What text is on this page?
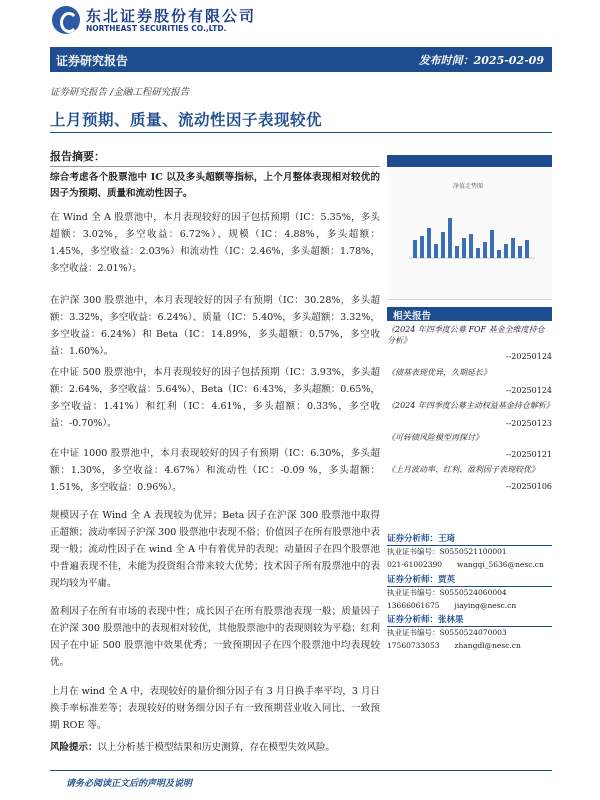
东北证券股份有限公司
NORTHEAST SECURITIES CO.,LTD.
证券研究报告	发布时间：2025-02-09
证券研究报告 /金融工程研究报告
上月预期、质量、流动性因子表现较优
报告摘要：
综合考虑各个股票池中 IC 以及多头超额等指标，上个月整体表现相对较优的因子为预期、质量和流动性因子。
在 Wind 全 A 股票池中，本月表现较好的因子包括预期（IC：5.35%，多头超额：3.02%，多空收益：6.72%）、规模（IC：4.88%，多头超额：1.45%，多空收益：2.03%）和流动性（IC：2.46%，多头超额：1.78%，多空收益：2.01%）。
在沪深 300 股票池中，本月表现较好的因子有预期（IC：30.28%，多头超额：3.32%，多空收益：6.24%）、质量（IC：5.40%，多头超额：3.32%，多空收益：6.24%）和 Beta（IC：14.89%，多头超额：0.57%，多空收益：1.60%）。
在中证 500 股票池中，本月表现较好的因子包括预期（IC：3.93%，多头超额：2.64%，多空收益：5.64%）、Beta（IC：6.43%，多头超额：0.65%，多空收益：1.41%）和红利（IC：4.61%，多头超额：0.33%，多空收益：-0.70%）。
在中证 1000 股票池中，本月表现较好的因子有预期（IC：6.30%，多头超额：1.30%，多空收益：4.67%）和流动性（IC：-0.09 %，多头超额：1.51%，多空收益：0.96%）。
规模因子在 Wind 全 A 表现较为优异；Beta 因子在沪深 300 股票池中取得正超额；波动率因子沪深 300 股票池中表现不俗；价值因子在所有股票池中表现一般；流动性因子在 wind 全 A 中有着优异的表现；动量因子在四个股票池中普遍表现不佳，未能为投资组合带来较大优势；技术因子所有股票池中的表现均较为平庸。
盈利因子在所有市场的表现中性；成长因子在所有股票池表现一般；质量因子在沪深 300 股票池中的表现相对较优，其他股票池中的表现则较为平稳；红利因子在中证 500 股票池中效果优秀；一致预期因子在四个股票池中均表现较优。
上月在 wind 全 A 中，表现较好的量价细分因子有 3 月日换手率平均，3 月日换手率标准差等；表现较好的财务细分因子有一致预期营业收入同比、一致预期 ROE 等。
风险提示：以上分析基于模型结果和历史测算，存在模型失效风险。
净值走势图
相关报告
《2024 年四季度公募 FOF 基金全维度持仓分析》
--20250124
《债基表现优异，久期延长》
--20250124
《2024 年四季度公募主动权益基金持仓解析》
--20250123
《可转债风险模型再探讨》
--20250121
《上月波动率、红利、盈利因子表现较优》
--20250106
证券分析师：王琦
执业证书编号：S0550521100001
021-61002390　　wangqi_5636@nesc.cn
证券分析师：贾英
执业证书编号：S0550524060004
13666061675　　jiaying@nesc.cn
证券分析师：张林果
执业证书编号：S0550524070003
17560733053　　zhangdl@nesc.cn
请务必阅读正文后的声明及说明
